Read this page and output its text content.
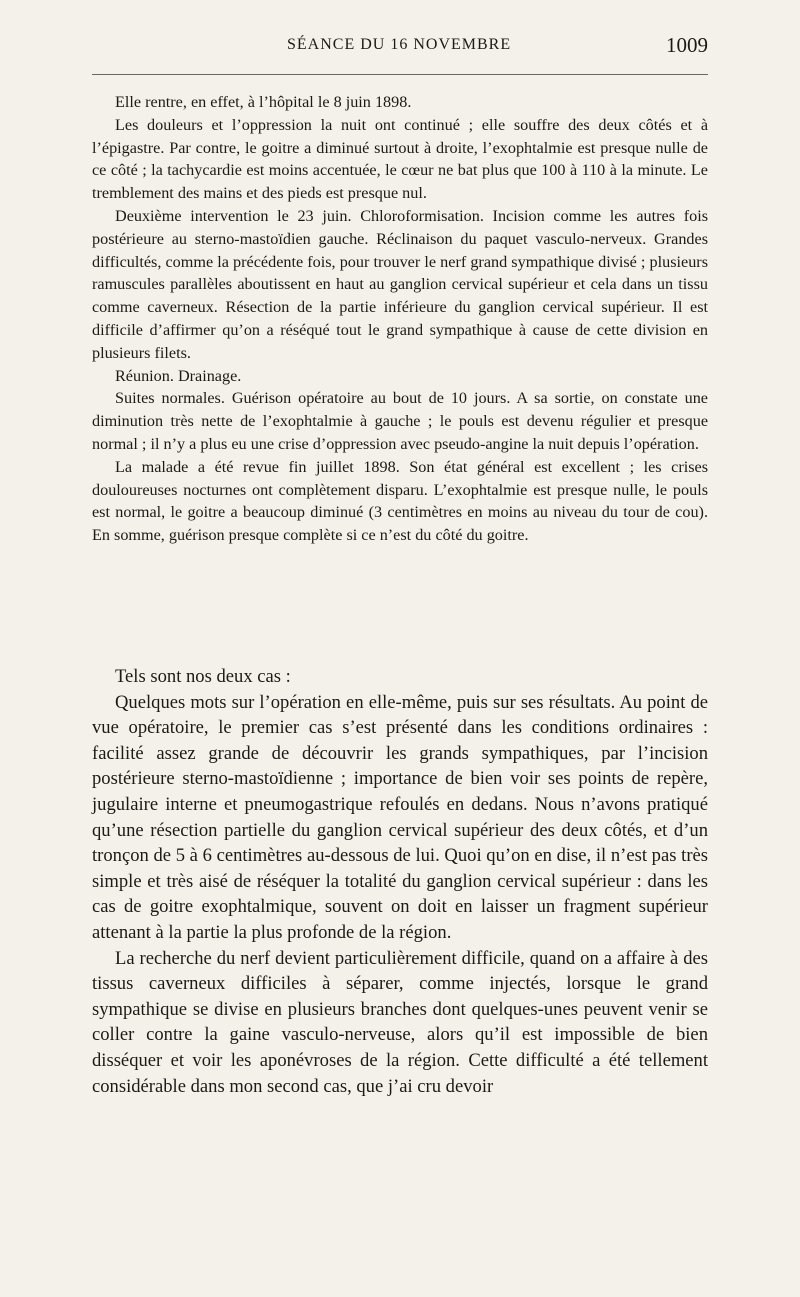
SÉANCE DU 16 NOVEMBRE	1009

Elle rentre, en effet, à l’hôpital le 8 juin 1898.

Les douleurs et l’oppression la nuit ont continué ; elle souffre des deux côtés et à l’épigastre. Par contre, le goitre a diminué surtout à droite, l’exophtalmie est presque nulle de ce côté ; la tachycardie est moins accentuée, le cœur ne bat plus que 100 à 110 à la minute. Le tremblement des mains et des pieds est presque nul.

Deuxième intervention le 23 juin. Chloroformisation. Incision comme les autres fois postérieure au sterno-mastoïdien gauche. Réclinaison du paquet vasculo-nerveux. Grandes difficultés, comme la précédente fois, pour trouver le nerf grand sympathique divisé ; plusieurs ramuscules parallèles aboutissent en haut au ganglion cervical supérieur et cela dans un tissu comme caverneux. Résection de la partie inférieure du ganglion cervical supérieur. Il est difficile d’affirmer qu’on a réséqué tout le grand sympathique à cause de cette division en plusieurs filets.

Réunion. Drainage.

Suites normales. Guérison opératoire au bout de 10 jours. A sa sortie, on constate une diminution très nette de l’exophtalmie à gauche ; le pouls est devenu régulier et presque normal ; il n’y a plus eu une crise d’oppression avec pseudo-angine la nuit depuis l’opération.

La malade a été revue fin juillet 1898. Son état général est excellent ; les crises douloureuses nocturnes ont complètement disparu. L’exophtalmie est presque nulle, le pouls est normal, le goitre a beaucoup diminué (3 centimètres en moins au niveau du tour de cou). En somme, guérison presque complète si ce n’est du côté du goitre.

Tels sont nos deux cas :

Quelques mots sur l’opération en elle-même, puis sur ses résultats. Au point de vue opératoire, le premier cas s’est présenté dans les conditions ordinaires : facilité assez grande de découvrir les grands sympathiques, par l’incision postérieure sterno-mastoïdienne ; importance de bien voir ses points de repère, jugulaire interne et pneumogastrique refoulés en dedans. Nous n’avons pratiqué qu’une résection partielle du ganglion cervical supérieur des deux côtés, et d’un tronçon de 5 à 6 centimètres au-dessous de lui. Quoi qu’on en dise, il n’est pas très simple et très aisé de réséquer la totalité du ganglion cervical supérieur : dans les cas de goitre exophtalmique, souvent on doit en laisser un fragment supérieur attenant à la partie la plus profonde de la région.

La recherche du nerf devient particulièrement difficile, quand on a affaire à des tissus caverneux difficiles à séparer, comme injectés, lorsque le grand sympathique se divise en plusieurs branches dont quelques-unes peuvent venir se coller contre la gaine vasculo-nerveuse, alors qu’il est impossible de bien disséquer et voir les aponévroses de la région. Cette difficulté a été tellement considérable dans mon second cas, que j’ai cru devoir
